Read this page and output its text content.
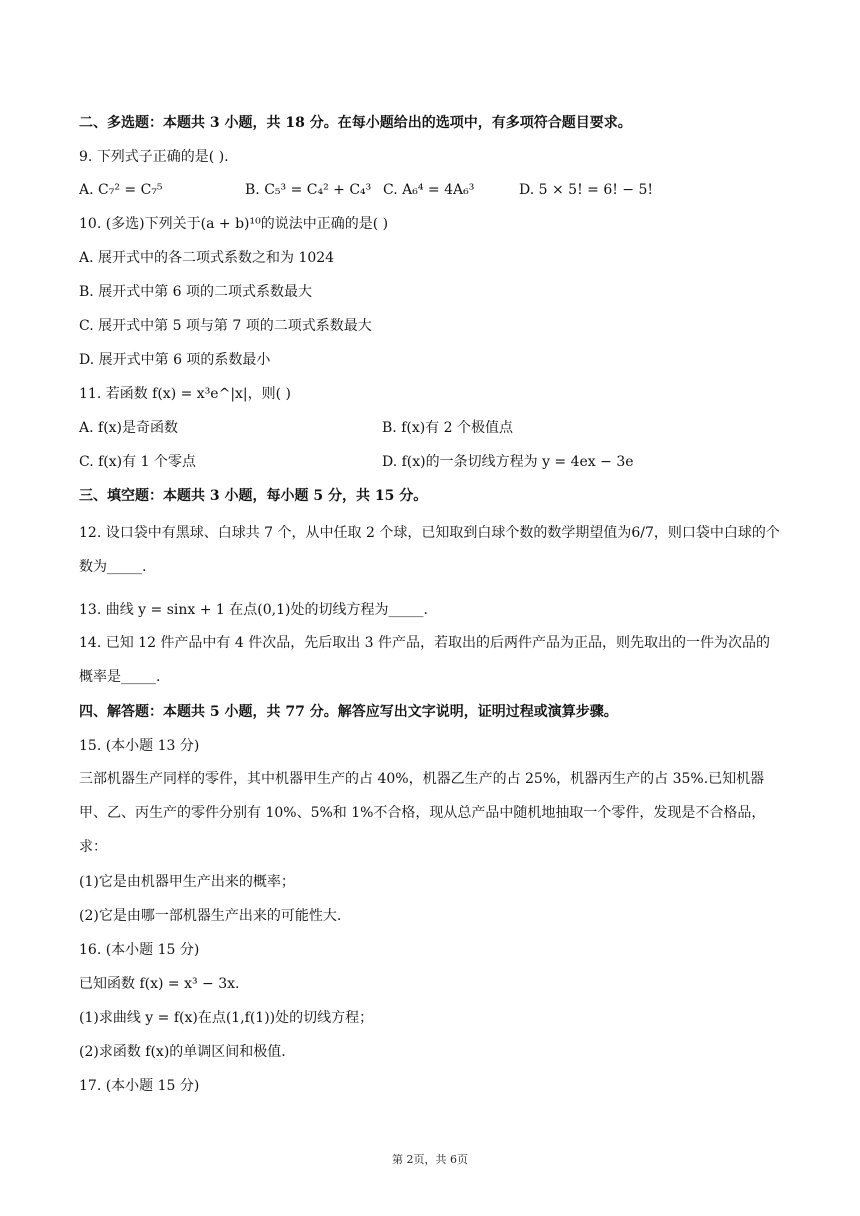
二、多选题：本题共 3 小题，共 18 分。在每小题给出的选项中，有多项符合题目要求。
9. 下列式子正确的是( ).
A. C₇² = C₇⁵	B. C₅³ = C₄² + C₄³ C. A₆⁴ = 4A₆³	D. 5 × 5! = 6! − 5!
10. (多选)下列关于(a + b)¹⁰的说法中正确的是( )
A. 展开式中的各二项式系数之和为 1024
B. 展开式中第 6 项的二项式系数最大
C. 展开式中第 5 项与第 7 项的二项式系数最大
D. 展开式中第 6 项的系数最小
11. 若函数 f(x) = x³e^|x|，则( )
A. f(x)是奇函数	B. f(x)有 2 个极值点
C. f(x)有 1 个零点	D. f(x)的一条切线方程为 y = 4ex − 3e
三、填空题：本题共 3 小题，每小题 5 分，共 15 分。
12. 设口袋中有黑球、白球共 7 个，从中任取 2 个球，已知取到白球个数的数学期望值为6/7，则口袋中白球的个数为_____.
13. 曲线 y = sinx + 1 在点(0,1)处的切线方程为_____.
14. 已知 12 件产品中有 4 件次品，先后取出 3 件产品，若取出的后两件产品为正品，则先取出的一件为次品的概率是_____.
四、解答题：本题共 5 小题，共 77 分。解答应写出文字说明，证明过程或演算步骤。
15. (本小题 13 分)
三部机器生产同样的零件，其中机器甲生产的占 40%，机器乙生产的占 25%，机器丙生产的占 35%.已知机器甲、乙、丙生产的零件分别有 10%、5%和 1%不合格，现从总产品中随机地抽取一个零件，发现是不合格品，求：
(1)它是由机器甲生产出来的概率；
(2)它是由哪一部机器生产出来的可能性大.
16. (本小题 15 分)
已知函数 f(x) = x³ − 3x.
(1)求曲线 y = f(x)在点(1,f(1))处的切线方程；
(2)求函数 f(x)的单调区间和极值.
17. (本小题 15 分)
第 2页，共 6页
